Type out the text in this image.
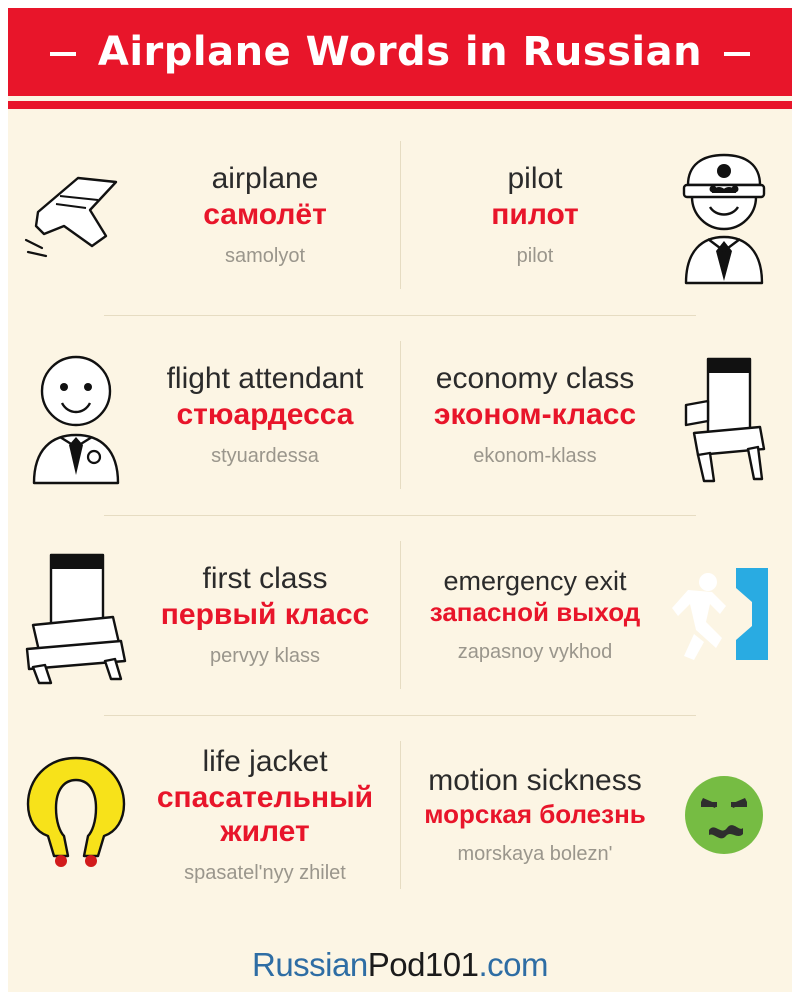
Airplane Words in Russian
airplane
самолёт
samolyot
pilot
пилот
pilot
flight attendant
стюардесса
styuardessa
economy class
эконом-класс
ekonom-klass
first class
первый класс
pervyy klass
emergency exit
запасной выход
zapasnoy vykhod
life jacket
спасательный жилет
spasatel'nyy zhilet
motion sickness
морская болезнь
morskaya bolezn'
RussianPod101.com
